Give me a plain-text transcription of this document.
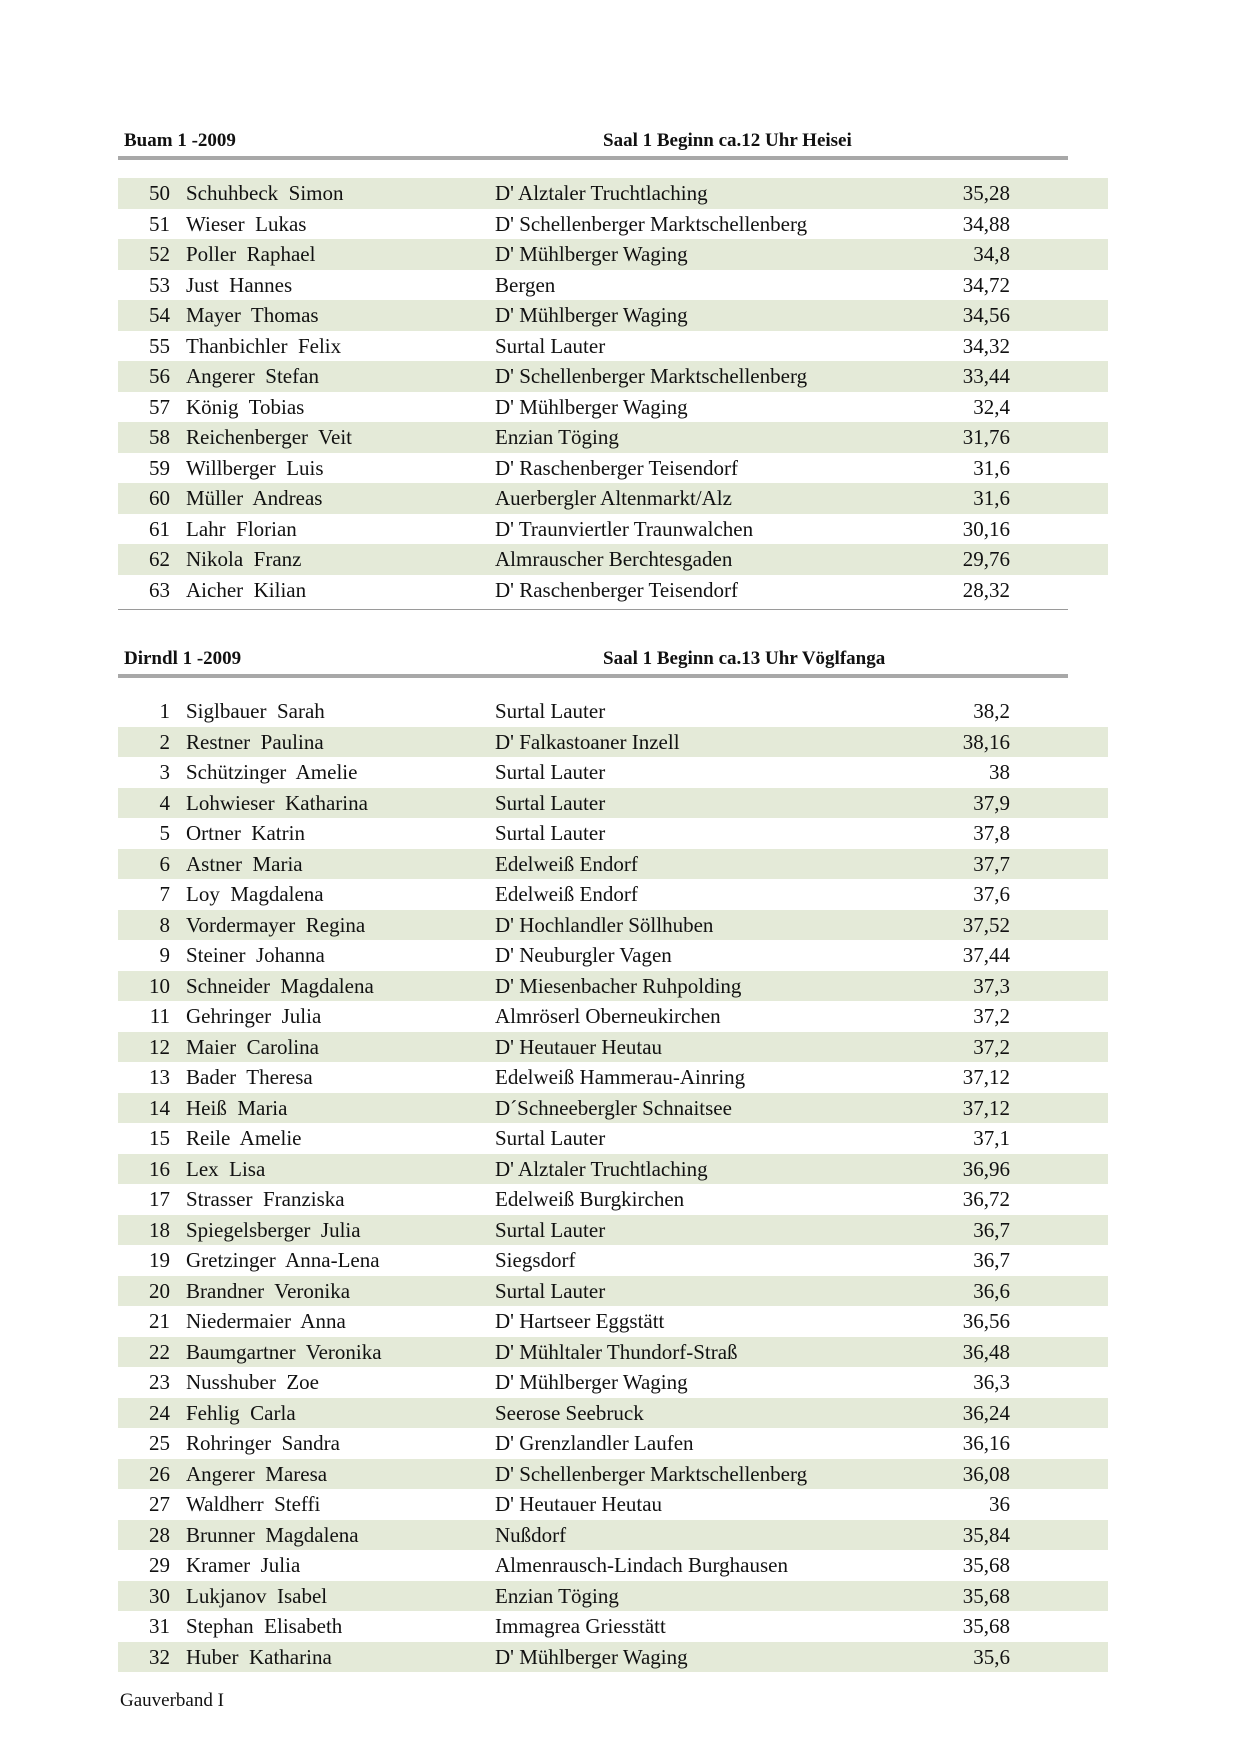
Buam 1 -2009	Saal 1 Beginn ca.12 Uhr Heisei
50 Schuhbeck  Simon	D' Alztaler Truchtlaching	35,28
51 Wieser  Lukas	D' Schellenberger Marktschellenberg	34,88
52 Poller  Raphael	D' Mühlberger Waging	34,8
53 Just  Hannes	Bergen	34,72
54 Mayer  Thomas	D' Mühlberger Waging	34,56
55 Thanbichler  Felix	Surtal Lauter	34,32
56 Angerer  Stefan	D' Schellenberger Marktschellenberg	33,44
57 König  Tobias	D' Mühlberger Waging	32,4
58 Reichenberger  Veit	Enzian Töging	31,76
59 Willberger  Luis	D' Raschenberger Teisendorf	31,6
60 Müller  Andreas	Auerbergler Altenmarkt/Alz	31,6
61 Lahr  Florian	D' Traunviertler Traunwalchen	30,16
62 Nikola  Franz	Almrauscher Berchtesgaden	29,76
63 Aicher  Kilian	D' Raschenberger Teisendorf	28,32
Dirndl 1 -2009	Saal 1 Beginn ca.13 Uhr Vöglfanga
1 Siglbauer  Sarah	Surtal Lauter	38,2
2 Restner  Paulina	D' Falkastoaner Inzell	38,16
3 Schützinger  Amelie	Surtal Lauter	38
4 Lohwieser  Katharina	Surtal Lauter	37,9
5 Ortner  Katrin	Surtal Lauter	37,8
6 Astner  Maria	Edelweiß Endorf	37,7
7 Loy  Magdalena	Edelweiß Endorf	37,6
8 Vordermayer  Regina	D' Hochlandler Söllhuben	37,52
9 Steiner  Johanna	D' Neuburgler Vagen	37,44
10 Schneider  Magdalena	D' Miesenbacher Ruhpolding	37,3
11 Gehringer  Julia	Almröserl Oberneukirchen	37,2
12 Maier  Carolina	D' Heutauer Heutau	37,2
13 Bader  Theresa	Edelweiß Hammerau-Ainring	37,12
14 Heiß  Maria	D´Schneebergler Schnaitsee	37,12
15 Reile  Amelie	Surtal Lauter	37,1
16 Lex  Lisa	D' Alztaler Truchtlaching	36,96
17 Strasser  Franziska	Edelweiß Burgkirchen	36,72
18 Spiegelsberger  Julia	Surtal Lauter	36,7
19 Gretzinger  Anna-Lena	Siegsdorf	36,7
20 Brandner  Veronika	Surtal Lauter	36,6
21 Niedermaier  Anna	D' Hartseer Eggstätt	36,56
22 Baumgartner  Veronika	D' Mühltaler Thundorf-Straß	36,48
23 Nusshuber  Zoe	D' Mühlberger Waging	36,3
24 Fehlig  Carla	Seerose Seebruck	36,24
25 Rohringer  Sandra	D' Grenzlandler Laufen	36,16
26 Angerer  Maresa	D' Schellenberger Marktschellenberg	36,08
27 Waldherr  Steffi	D' Heutauer Heutau	36
28 Brunner  Magdalena	Nußdorf	35,84
29 Kramer  Julia	Almenrausch-Lindach Burghausen	35,68
30 Lukjanov  Isabel	Enzian Töging	35,68
31 Stephan  Elisabeth	Immagrea Griesstätt	35,68
32 Huber  Katharina	D' Mühlberger Waging	35,6
Gauverband I
